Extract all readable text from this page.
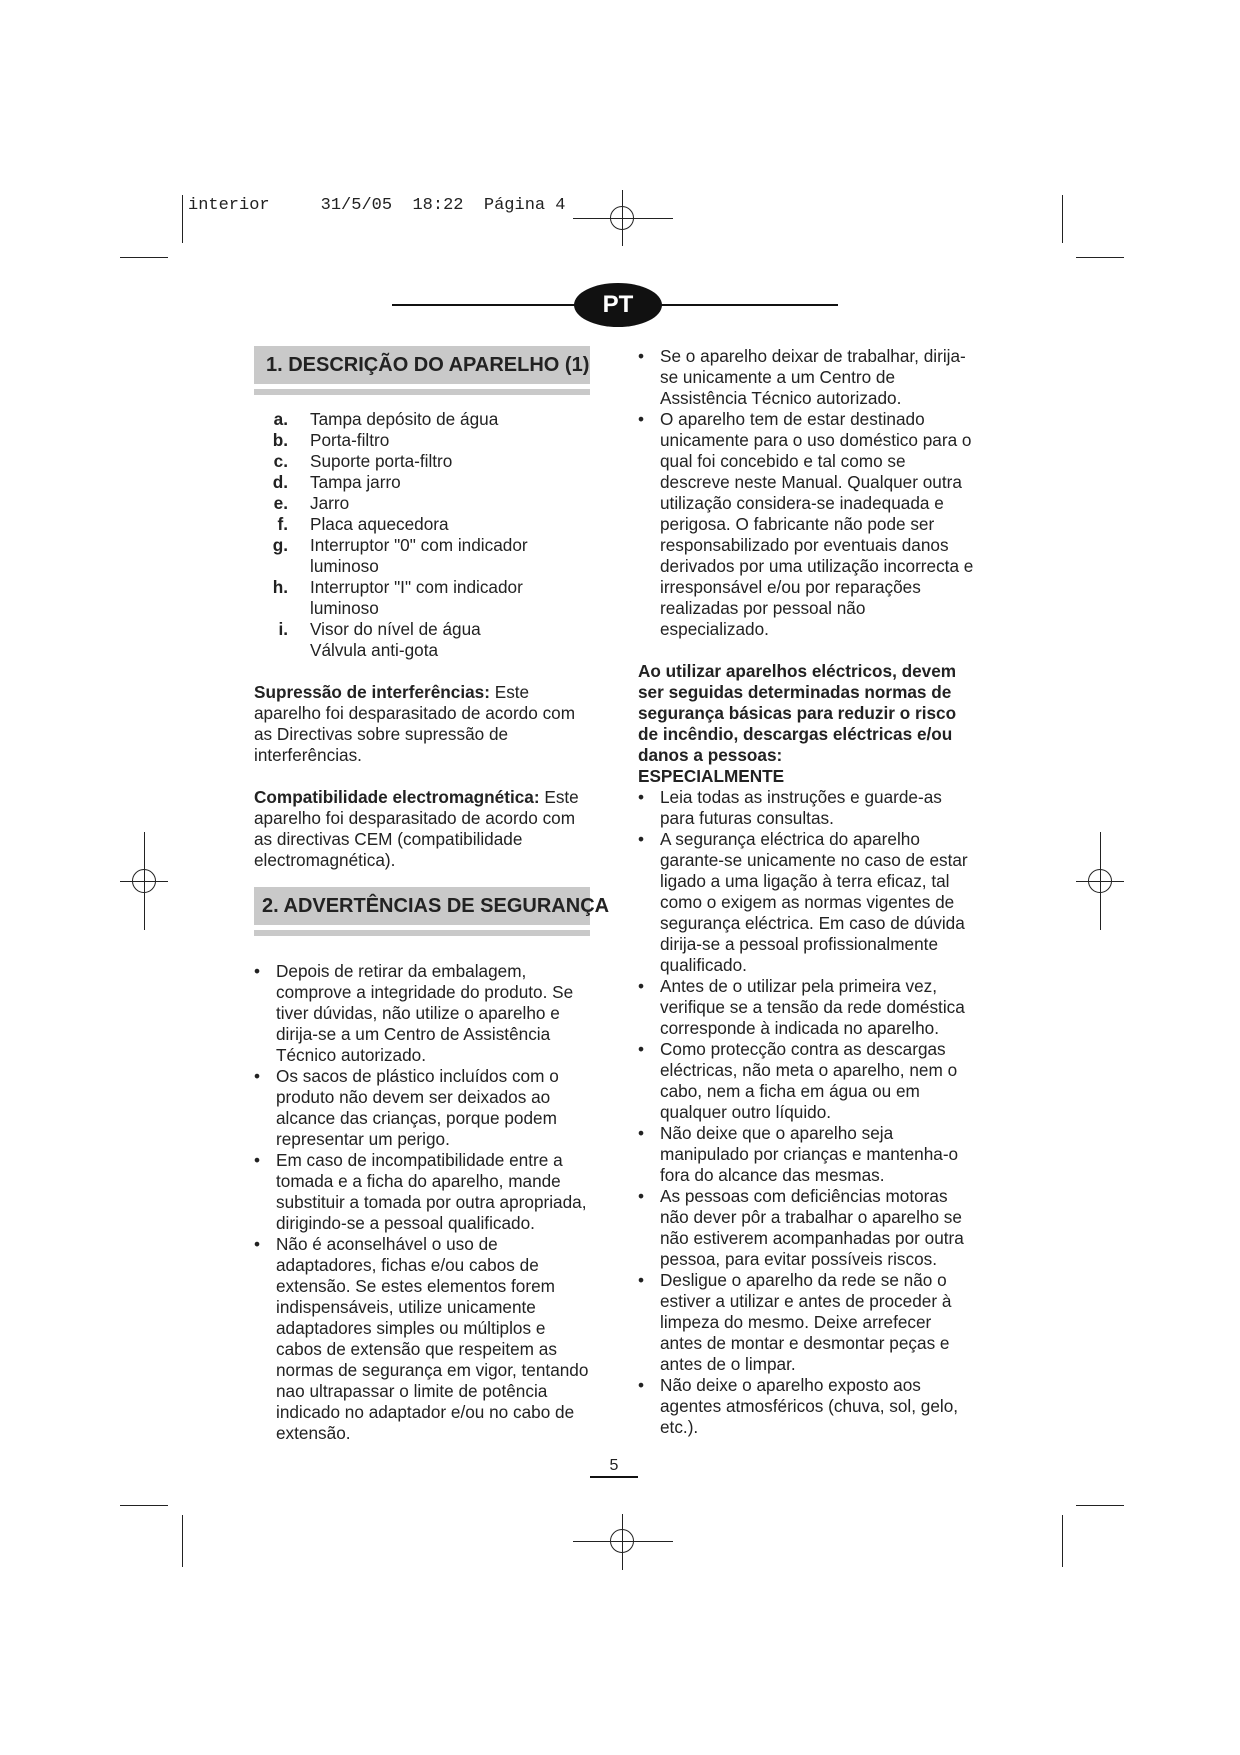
interior	31/5/05 18:22 Página 4
PT
1. DESCRIÇÃO DO APARELHO (1)
a.	Tampa depósito de água
b.	Porta-filtro
c.	Suporte porta-filtro
d.	Tampa jarro
e.	Jarro
f.	Placa aquecedora
g.	Interruptor "0" com indicador luminoso
h.	Interruptor "I" com indicador luminoso
i.	Visor do nível de água
Válvula anti-gota

Supressão de interferências: Este aparelho foi desparasitado de acordo com as Directivas sobre supressão de interferências.

Compatibilidade electromagnética: Este aparelho foi desparasitado de acordo com as directivas CEM (compatibilidade electromagnética).

2. ADVERTÊNCIAS DE SEGURANÇA
• Depois de retirar da embalagem, comprove a integridade do produto. Se tiver dúvidas, não utilize o aparelho e dirija-se a um Centro de Assistência Técnico autorizado.
• Os sacos de plástico incluídos com o produto não devem ser deixados ao alcance das crianças, porque podem representar um perigo.
• Em caso de incompatibilidade entre a tomada e a ficha do aparelho, mande substituir a tomada por outra apropriada, dirigindo-se a pessoal qualificado.
• Não é aconselhável o uso de adaptadores, fichas e/ou cabos de extensão. Se estes elementos forem indispensáveis, utilize unicamente adaptadores simples ou múltiplos e cabos de extensão que respeitem as normas de segurança em vigor, tentando nao ultrapassar o limite de potência indicado no adaptador e/ou no cabo de extensão.
• Se o aparelho deixar de trabalhar, dirija-se unicamente a um Centro de Assistência Técnico autorizado.
• O aparelho tem de estar destinado unicamente para o uso doméstico para o qual foi concebido e tal como se descreve neste Manual. Qualquer outra utilização considera-se inadequada e perigosa. O fabricante não pode ser responsabilizado por eventuais danos derivados por uma utilização incorrecta e irresponsável e/ou por reparações realizadas por pessoal não especializado.

Ao utilizar aparelhos eléctricos, devem ser seguidas determinadas normas de segurança básicas para reduzir o risco de incêndio, descargas eléctricas e/ou danos a pessoas:

ESPECIALMENTE

• Leia todas as instruções e guarde-as para futuras consultas.
• A segurança eléctrica do aparelho garante-se unicamente no caso de estar ligado a uma ligação à terra eficaz, tal como o exigem as normas vigentes de segurança eléctrica. Em caso de dúvida dirija-se a pessoal profissionalmente qualificado.
• Antes de o utilizar pela primeira vez, verifique se a tensão da rede doméstica corresponde à indicada no aparelho.
• Como protecção contra as descargas eléctricas, não meta o aparelho, nem o cabo, nem a ficha em água ou em qualquer outro líquido.
• Não deixe que o aparelho seja manipulado por crianças e mantenha-o fora do alcance das mesmas.
• As pessoas com deficiências motoras não dever pôr a trabalhar o aparelho se não estiverem acompanhadas por outra pessoa, para evitar possíveis riscos.
• Desligue o aparelho da rede se não o estiver a utilizar e antes de proceder à limpeza do mesmo. Deixe arrefecer antes de montar e desmontar peças e antes de o limpar.
• Não deixe o aparelho exposto aos agentes atmosféricos (chuva, sol, gelo, etc.).
5
